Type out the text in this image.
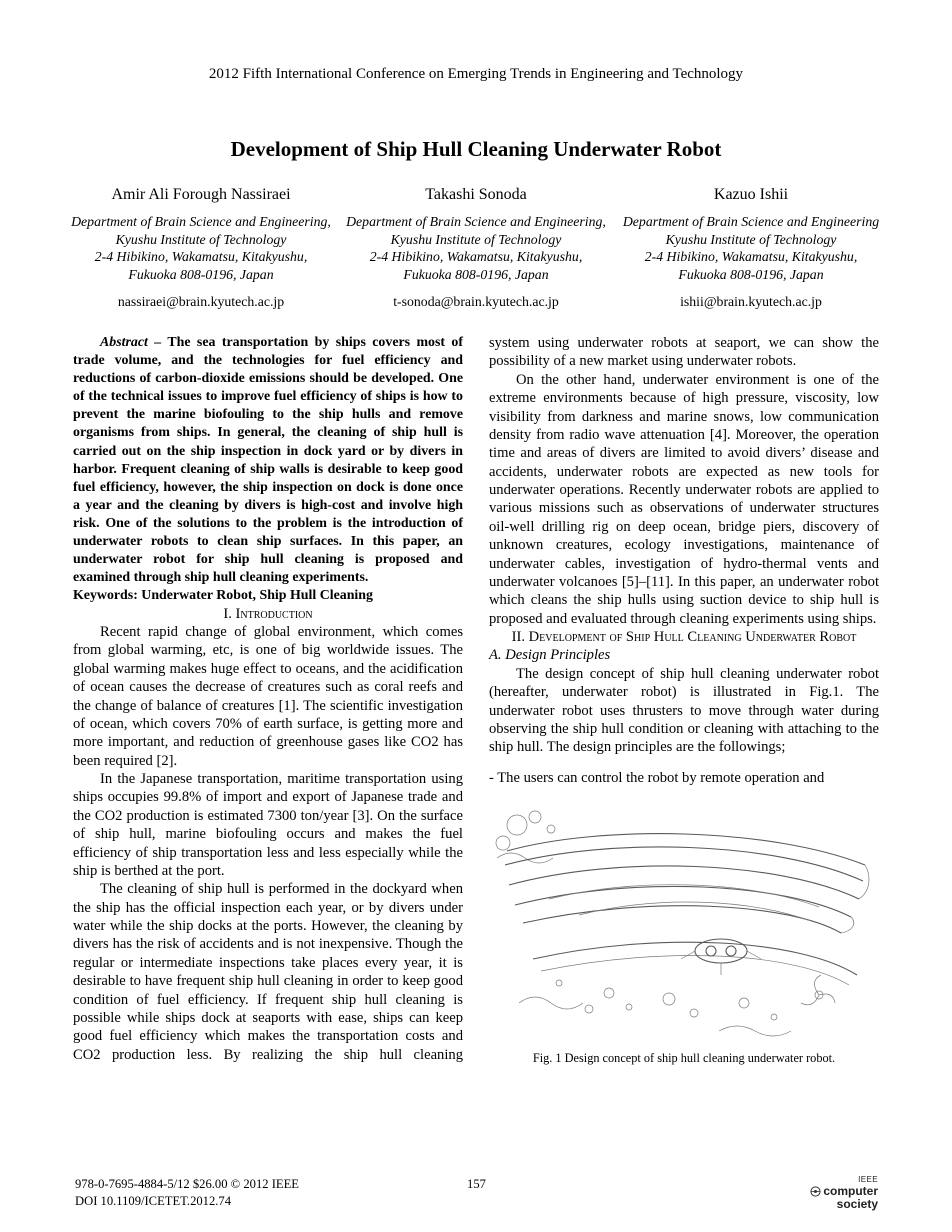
2012 Fifth International Conference on Emerging Trends in Engineering and Technology
Development of Ship Hull Cleaning Underwater Robot
Amir Ali Forough Nassiraei
Department of Brain Science and Engineering,
Kyushu Institute of Technology
2-4 Hibikino, Wakamatsu, Kitakyushu, Fukuoka 808-0196, Japan
nassiraei@brain.kyutech.ac.jp
Takashi Sonoda
Department of Brain Science and Engineering,
Kyushu Institute of Technology
2-4 Hibikino, Wakamatsu, Kitakyushu, Fukuoka 808-0196, Japan
t-sonoda@brain.kyutech.ac.jp
Kazuo Ishii
Department of Brain Science and Engineering
Kyushu Institute of Technology
2-4 Hibikino, Wakamatsu, Kitakyushu, Fukuoka 808-0196, Japan
ishii@brain.kyutech.ac.jp

Abstract – The sea transportation by ships covers most of trade volume, and the technologies for fuel efficiency and reductions of carbon-dioxide emissions should be developed. One of the technical issues to improve fuel efficiency of ships is how to prevent the marine biofouling to the ship hulls and remove organisms from ships. In general, the cleaning of ship hull is carried out on the ship inspection in dock yard or by divers in harbor. Frequent cleaning of ship walls is desirable to keep good fuel efficiency, however, the ship inspection on dock is done once a year and the cleaning by divers is high-cost and involve high risk. One of the solutions to the problem is the introduction of underwater robots to clean ship surfaces. In this paper, an underwater robot for ship hull cleaning is proposed and examined through ship hull cleaning experiments.

Keywords: Underwater Robot, Ship Hull Cleaning

I. Introduction

Recent rapid change of global environment, which comes from global warming, etc, is one of big worldwide issues. The global warming makes huge effect to oceans, and the acidification of ocean causes the decrease of creatures such as coral reefs and the change of balance of creatures [1]. The scientific investigation of ocean, which covers 70% of earth surface, is getting more and more important, and reduction of greenhouse gases like CO2 has been required [2].

In the Japanese transportation, maritime transportation using ships occupies 99.8% of import and export of Japanese trade and the CO2 production is estimated 7300 ton/year [3]. On the surface of ship hull, marine biofouling occurs and makes the fuel efficiency of ship transportation less and less especially while the ship is berthed at the port.

The cleaning of ship hull is performed in the dockyard when the ship has the official inspection each year, or by divers under water while the ship docks at the ports. However, the cleaning by divers has the risk of accidents and is not inexpensive. Though the regular or intermediate inspections take places every year, it is desirable to have frequent ship hull cleaning in order to keep good condition of fuel efficiency. If frequent ship hull cleaning is possible while ships dock at seaports with ease, ships can keep good fuel efficiency which makes the transportation costs and CO2 production less. By realizing the ship hull cleaning

system using underwater robots at seaport, we can show the possibility of a new market using underwater robots.

On the other hand, underwater environment is one of the extreme environments because of high pressure, viscosity, low visibility from darkness and marine snows, low communication density from radio wave attenuation [4]. Moreover, the operation time and areas of divers are limited to avoid divers’ disease and accidents, underwater robots are expected as new tools for underwater operations. Recently underwater robots are applied to various missions such as observations of underwater structures oil-well drilling rig on deep ocean, bridge piers, discovery of unknown creatures, ecology investigations, maintenance of underwater cables, investigation of hydro-thermal vents and underwater volcanoes [5]–[11]. In this paper, an underwater robot which cleans the ship hulls using suction device to ship hull is proposed and evaluated through cleaning experiments using ships.

II. Development of Ship Hull Cleaning Underwater Robot

A. Design Principles

The design concept of ship hull cleaning underwater robot (hereafter, underwater robot) is illustrated in Fig.1. The underwater robot uses thrusters to move through water during observing the ship hull condition or cleaning with attaching to the ship hull. The design principles are the followings;

- The users can control the robot by remote operation and

Fig. 1 Design concept of ship hull cleaning underwater robot.
978-0-7695-4884-5/12 $26.00 © 2012 IEEE
DOI 10.1109/ICETET.2012.74
157	IEEE
computer
society
